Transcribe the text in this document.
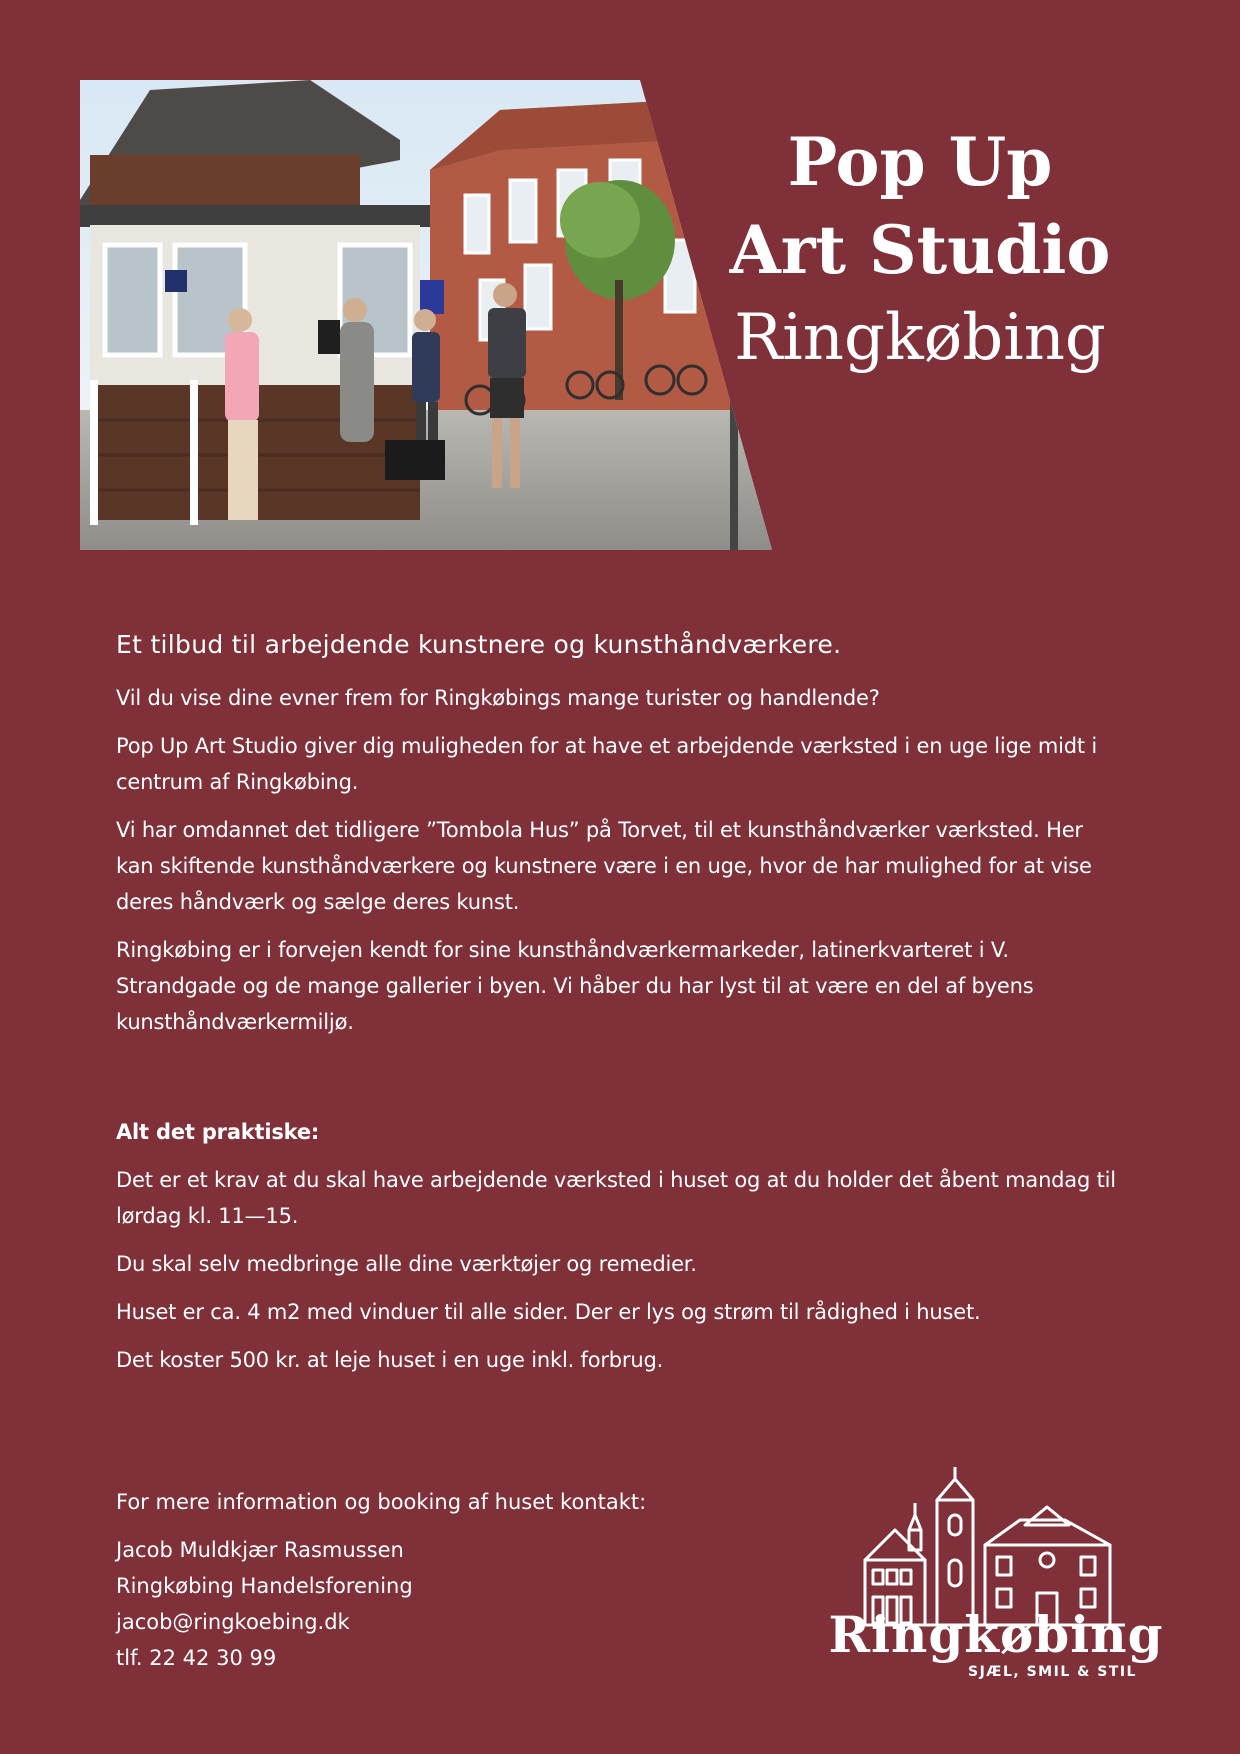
Pop Up
Art Studio
Ringkøbing

Et tilbud til arbejdende kunstnere og kunsthåndværkere.

Vil du vise dine evner frem for Ringkøbings mange turister og handlende?

Pop Up Art Studio giver dig muligheden for at have et arbejdende værksted i en uge lige midt i centrum af Ringkøbing.

Vi har omdannet det tidligere ”Tombola Hus” på Torvet, til et kunsthåndværker værksted. Her kan skiftende kunsthåndværkere og kunstnere være i en uge, hvor de har mulighed for at vise deres håndværk og sælge deres kunst.

Ringkøbing er i forvejen kendt for sine kunsthåndværkermarkeder, latinerkvarteret i V. Strandgade og de mange gallerier i byen. Vi håber du har lyst til at være en del af byens kunsthåndværkermiljø.

Alt det praktiske:

Det er et krav at du skal have arbejdende værksted i huset og at du holder det åbent mandag til lørdag kl. 11—15.

Du skal selv medbringe alle dine værktøjer og remedier.

Huset er ca. 4 m2 med vinduer til alle sider. Der er lys og strøm til rådighed i huset.

Det koster 500 kr. at leje huset i en uge inkl. forbrug.

For mere information og booking af huset kontakt:

Jacob Muldkjær Rasmussen
Ringkøbing Handelsforening
jacob@ringkoebing.dk
tlf. 22 42 30 99	Ringkøbing
SJÆL, SMIL & STIL
